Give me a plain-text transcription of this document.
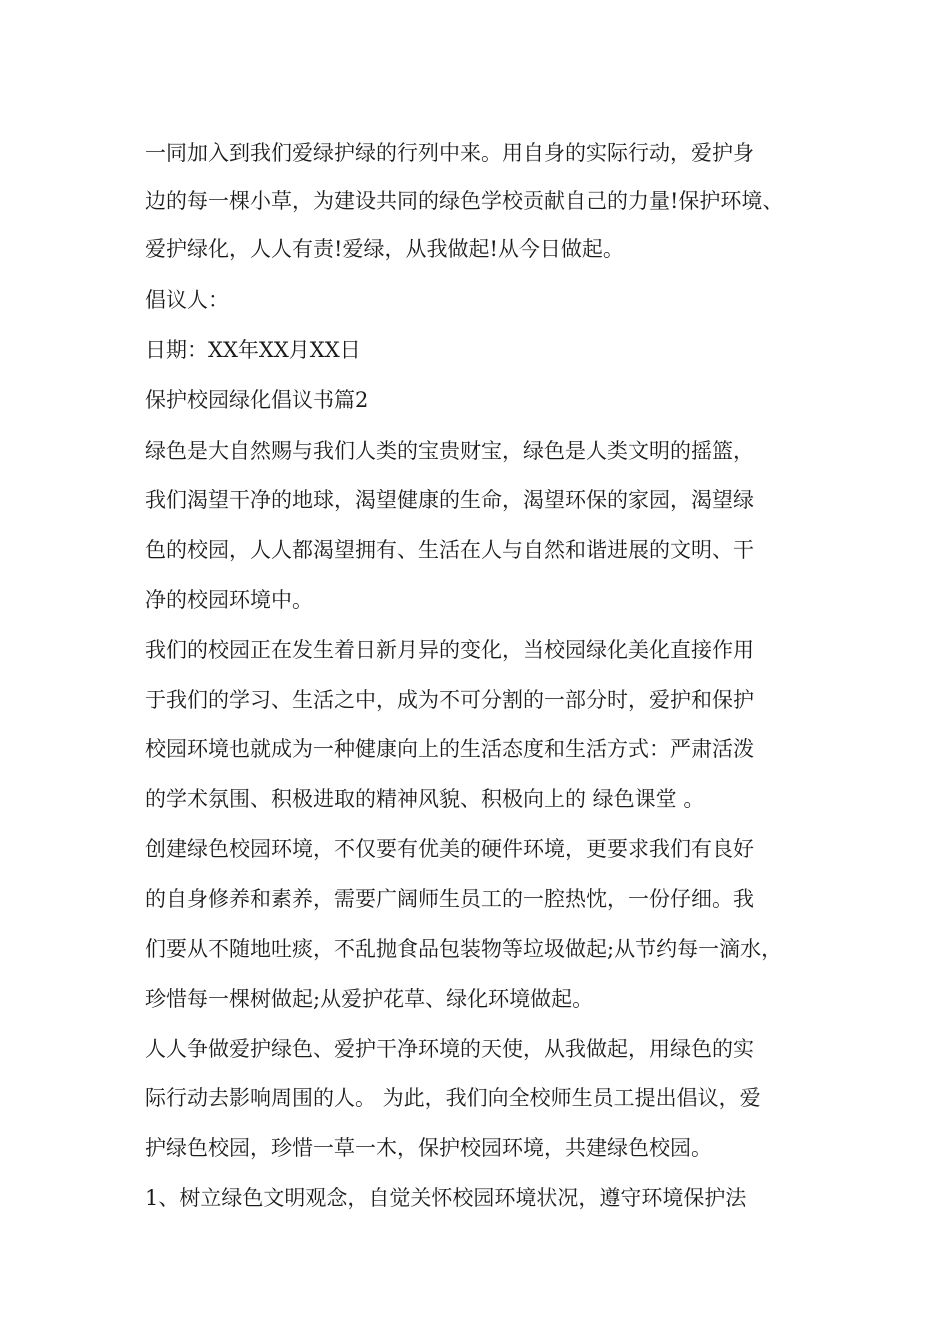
一同加入到我们爱绿护绿的行列中来。用自身的实际行动，爱护身

边的每一棵小草，为建设共同的绿色学校贡献自己的力量!保护环境、

爱护绿化，人人有责!爱绿，从我做起!从今日做起。

倡议人：

日期：XX年XX月XX日

保护校园绿化倡议书篇2

绿色是大自然赐与我们人类的宝贵财宝，绿色是人类文明的摇篮，

我们渴望干净的地球，渴望健康的生命，渴望环保的家园，渴望绿

色的校园，人人都渴望拥有、生活在人与自然和谐进展的文明、干

净的校园环境中。

我们的校园正在发生着日新月异的变化，当校园绿化美化直接作用

于我们的学习、生活之中，成为不可分割的一部分时，爱护和保护

校园环境也就成为一种健康向上的生活态度和生活方式：严肃活泼

的学术氛围、积极进取的精神风貌、积极向上的 绿色课堂 。

创建绿色校园环境，不仅要有优美的硬件环境，更要求我们有良好

的自身修养和素养，需要广阔师生员工的一腔热忱，一份仔细。我

们要从不随地吐痰，不乱抛食品包装物等垃圾做起;从节约每一滴水，

珍惜每一棵树做起;从爱护花草、绿化环境做起。

人人争做爱护绿色、爱护干净环境的天使，从我做起，用绿色的实

际行动去影响周围的人。 为此，我们向全校师生员工提出倡议，爱

护绿色校园，珍惜一草一木，保护校园环境，共建绿色校园。

1、树立绿色文明观念，自觉关怀校园环境状况，遵守环境保护法
